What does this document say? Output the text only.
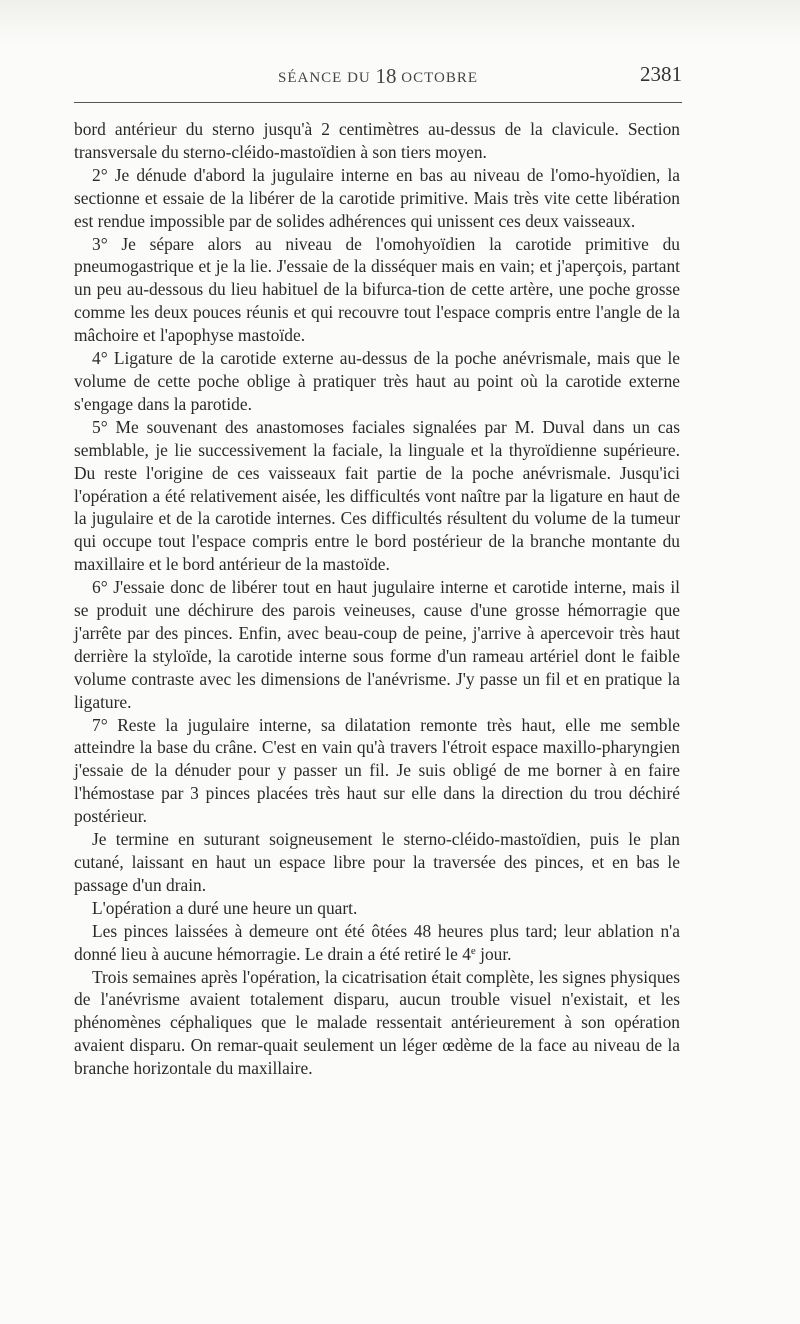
SÉANCE DU 18 OCTOBRE	2381

bord antérieur du sterno jusqu'à 2 centimètres au-dessus de la clavicule. Section transversale du sterno-cléido-mastoïdien à son tiers moyen.

2° Je dénude d'abord la jugulaire interne en bas au niveau de l'omo-hyoïdien, la sectionne et essaie de la libérer de la carotide primitive. Mais très vite cette libération est rendue impossible par de solides adhérences qui unissent ces deux vaisseaux.

3° Je sépare alors au niveau de l'omohyoïdien la carotide primitive du pneumogastrique et je la lie. J'essaie de la disséquer mais en vain; et j'aperçois, partant un peu au-dessous du lieu habituel de la bifurca-tion de cette artère, une poche grosse comme les deux pouces réunis et qui recouvre tout l'espace compris entre l'angle de la mâchoire et l'apophyse mastoïde.

4° Ligature de la carotide externe au-dessus de la poche anévrismale, mais que le volume de cette poche oblige à pratiquer très haut au point où la carotide externe s'engage dans la parotide.

5° Me souvenant des anastomoses faciales signalées par M. Duval dans un cas semblable, je lie successivement la faciale, la linguale et la thyroïdienne supérieure. Du reste l'origine de ces vaisseaux fait partie de la poche anévrismale. Jusqu'ici l'opération a été relativement aisée, les difficultés vont naître par la ligature en haut de la jugulaire et de la carotide internes. Ces difficultés résultent du volume de la tumeur qui occupe tout l'espace compris entre le bord postérieur de la branche montante du maxillaire et le bord antérieur de la mastoïde.

6° J'essaie donc de libérer tout en haut jugulaire interne et carotide interne, mais il se produit une déchirure des parois veineuses, cause d'une grosse hémorragie que j'arrête par des pinces. Enfin, avec beau-coup de peine, j'arrive à apercevoir très haut derrière la styloïde, la carotide interne sous forme d'un rameau artériel dont le faible volume contraste avec les dimensions de l'anévrisme. J'y passe un fil et en pratique la ligature.

7° Reste la jugulaire interne, sa dilatation remonte très haut, elle me semble atteindre la base du crâne. C'est en vain qu'à travers l'étroit espace maxillo-pharyngien j'essaie de la dénuder pour y passer un fil. Je suis obligé de me borner à en faire l'hémostase par 3 pinces placées très haut sur elle dans la direction du trou déchiré postérieur.

Je termine en suturant soigneusement le sterno-cléido-mastoïdien, puis le plan cutané, laissant en haut un espace libre pour la traversée des pinces, et en bas le passage d'un drain.

L'opération a duré une heure un quart.

Les pinces laissées à demeure ont été ôtées 48 heures plus tard; leur ablation n'a donné lieu à aucune hémorragie. Le drain a été retiré le 4e jour.

Trois semaines après l'opération, la cicatrisation était complète, les signes physiques de l'anévrisme avaient totalement disparu, aucun trouble visuel n'existait, et les phénomènes céphaliques que le malade ressentait antérieurement à son opération avaient disparu. On remar-quait seulement un léger œdème de la face au niveau de la branche horizontale du maxillaire.
